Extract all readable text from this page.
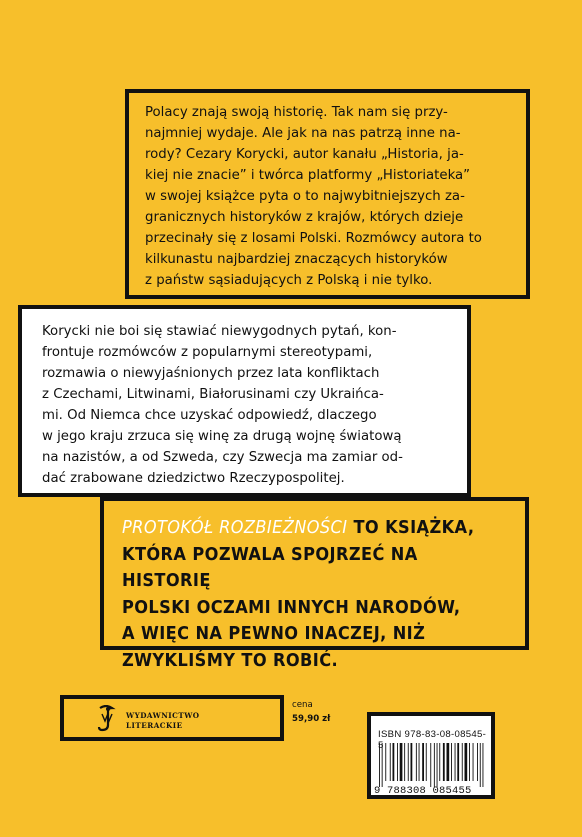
Polacy znają swoją historię. Tak nam się przy-
najmniej wydaje. Ale jak na nas patrzą inne na-
rody? Cezary Korycki, autor kanału „Historia, ja-
kiej nie znacie” i twórca platformy „Historiateka”
w swojej książce pyta o to najwybitniejszych za-
granicznych historyków z krajów, których dzieje
przecinały się z losami Polski. Rozmówcy autora to
kilkunastu najbardziej znaczących historyków
z państw sąsiadujących z Polską i nie tylko.

Korycki nie boi się stawiać niewygodnych pytań, kon-
frontuje rozmówców z popularnymi stereotypami,
rozmawia o niewyjaśnionych przez lata konfliktach
z Czechami, Litwinami, Białorusinami czy Ukraińca-
mi. Od Niemca chce uzyskać odpowiedź, dlaczego
w jego kraju zrzuca się winę za drugą wojnę światową
na nazistów, a od Szweda, czy Szwecja ma zamiar od-
dać zrabowane dziedzictwo Rzeczypospolitej.

PROTOKÓŁ ROZBIEŻNOŚCI TO KSIĄŻKA,
KTÓRA POZWALA SPOJRZEĆ NA HISTORIĘ
POLSKI OCZAMI INNYCH NARODÓW,
A WIĘC NA PEWNO INACZEJ, NIŻ
ZWYKLIŚMY TO ROBIĆ.

WYDAWNICTWO
LITERACKIE
cena
59,90 zł
ISBN 978-83-08-08545-5
9 788308 085455
